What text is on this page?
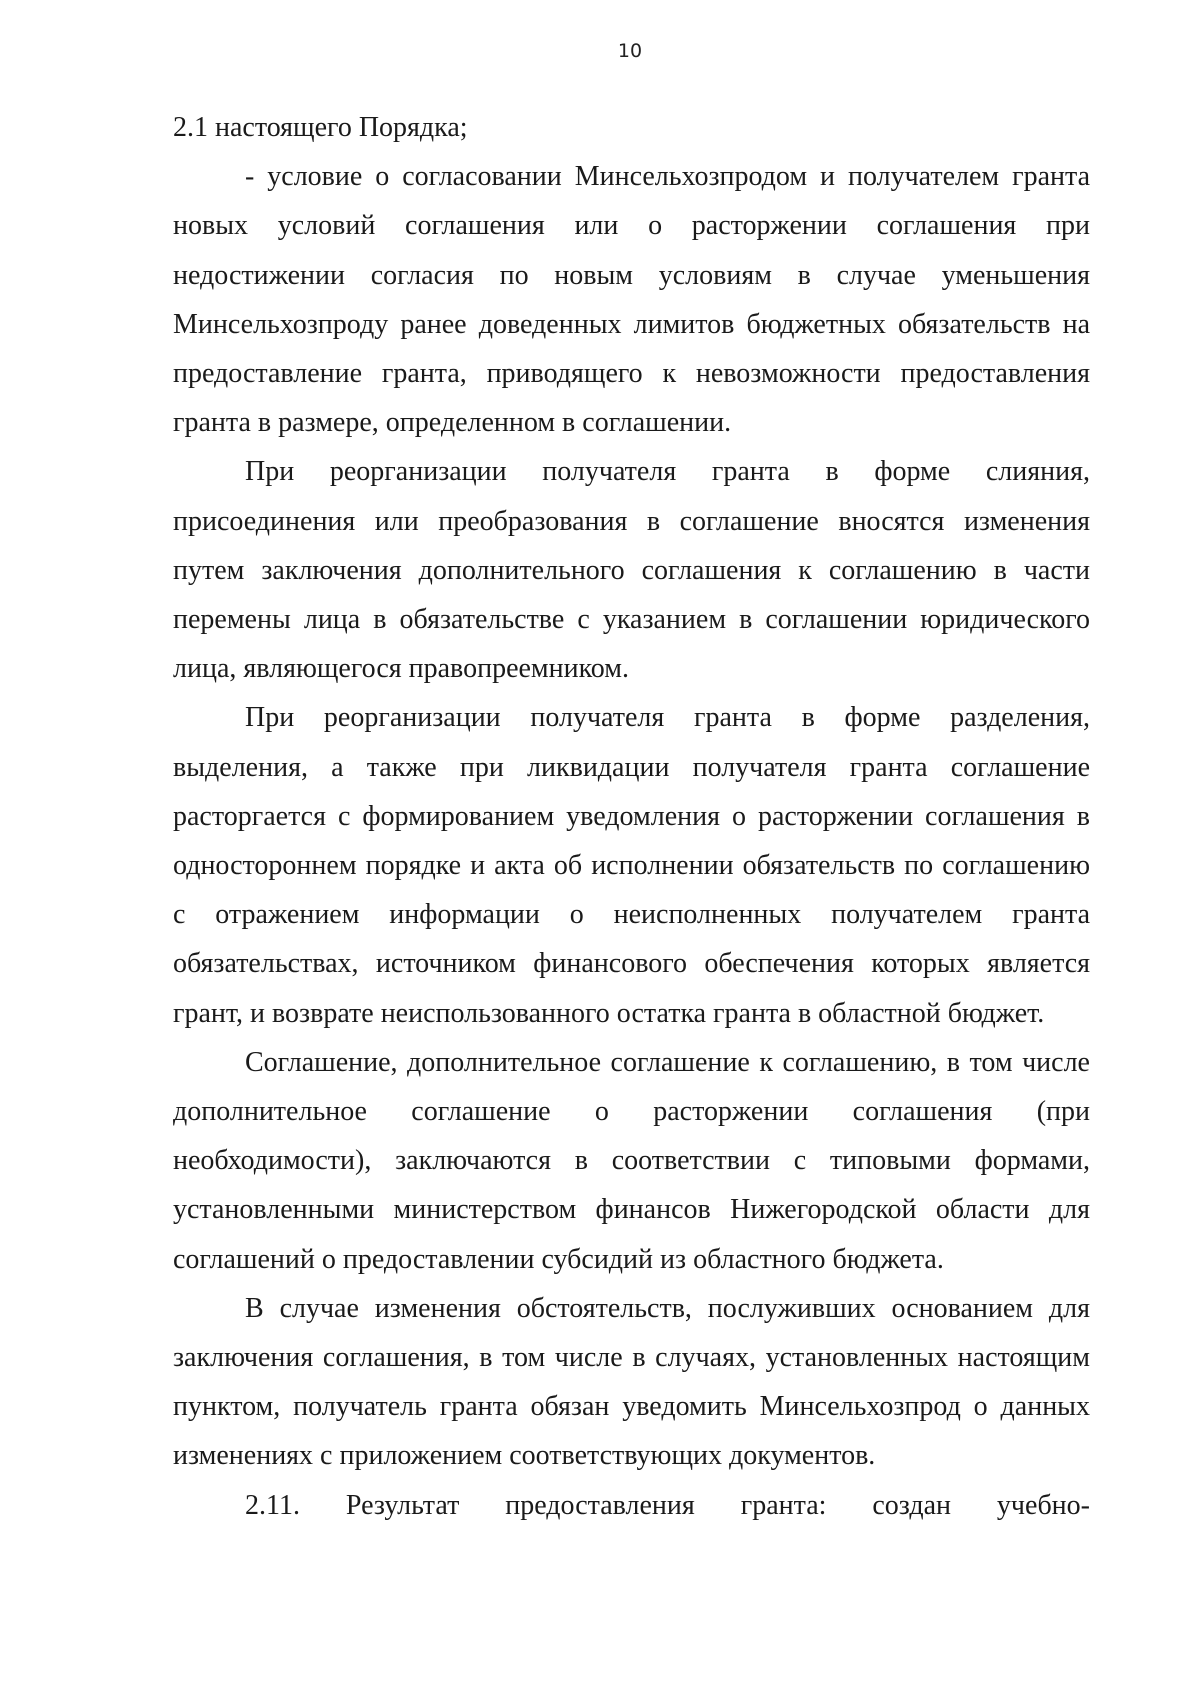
10

2.1 настоящего Порядка;

- условие о согласовании Минсельхозпродом и получателем гранта новых условий соглашения или о расторжении соглашения при недостижении согласия по новым условиям в случае уменьшения Минсельхозпроду ранее доведенных лимитов бюджетных обязательств на предоставление гранта, приводящего к невозможности предоставления гранта в размере, определенном в соглашении.

При реорганизации получателя гранта в форме слияния, присоединения или преобразования в соглашение вносятся изменения путем заключения дополнительного соглашения к соглашению в части перемены лица в обязательстве с указанием в соглашении юридического лица, являющегося правопреемником.

При реорганизации получателя гранта в форме разделения, выделения, а также при ликвидации получателя гранта соглашение расторгается с формированием уведомления о расторжении соглашения в одностороннем порядке и акта об исполнении обязательств по соглашению с отражением информации о неисполненных получателем гранта обязательствах, источником финансового обеспечения которых является грант, и возврате неиспользованного остатка гранта в областной бюджет.

Соглашение, дополнительное соглашение к соглашению, в том числе дополнительное соглашение о расторжении соглашения (при необходимости), заключаются в соответствии с типовыми формами, установленными министерством финансов Нижегородской области для соглашений о предоставлении субсидий из областного бюджета.

В случае изменения обстоятельств, послуживших основанием для заключения соглашения, в том числе в случаях, установленных настоящим пунктом, получатель гранта обязан уведомить Минсельхозпрод о данных изменениях с приложением соответствующих документов.

2.11. Результат предоставления гранта: создан учебно-
